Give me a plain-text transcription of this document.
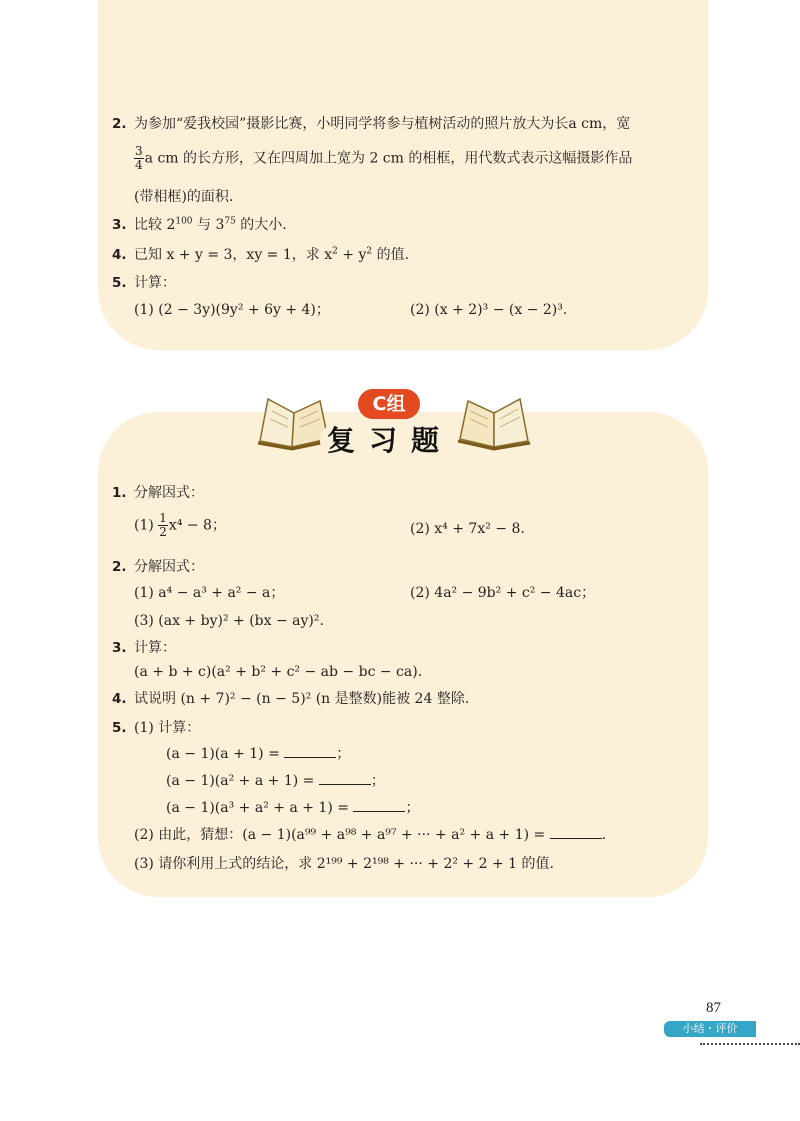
2. 为参加“爱我校园”摄影比赛，小明同学将参与植树活动的照片放大为长a cm，宽
$\frac{3}{4}$ a cm 的长方形，又在四周加上宽为 2 cm 的相框，用代数式表示这幅摄影作品
(带相框)的面积.
3. 比较 $2^{100}$ 与 $3^{75}$ 的大小.
4. 已知 x + y = 3，xy = 1，求 $x^2 + y^2$ 的值.
5. 计算：
(1) (2 − 3y)(9y² + 6y + 4)；	(2) (x + 2)³ − (x − 2)³.
C组
复习题
1. 分解因式：
$(1) \frac{1}{2} x^4 - 8$；	(2) x⁴ + 7x² − 8.
2. 分解因式：
(1) a⁴ − a³ + a² − a；	(2) 4a² − 9b² + c² − 4ac；
(3) (ax + by)² + (bx − ay)².
3. 计算：
(a + b + c)(a² + b² + c² − ab − bc − ca).
4. 试说明 (n + 7)² − (n − 5)² (n 是整数)能被 24 整除.
5. (1) 计算：
(a − 1)(a + 1) =	；
(a − 1)(a² + a + 1) =	；
(a − 1)(a³ + a² + a + 1) =	；
(2) 由此，猜想：(a − 1)(a⁹⁹ + a⁹⁸ + a⁹⁷ + ··· + a² + a + 1) =	.
(3) 请你利用上式的结论，求 2¹⁹⁹ + 2¹⁹⁸ + ··· + 2² + 2 + 1 的值.
87
小结・评价
